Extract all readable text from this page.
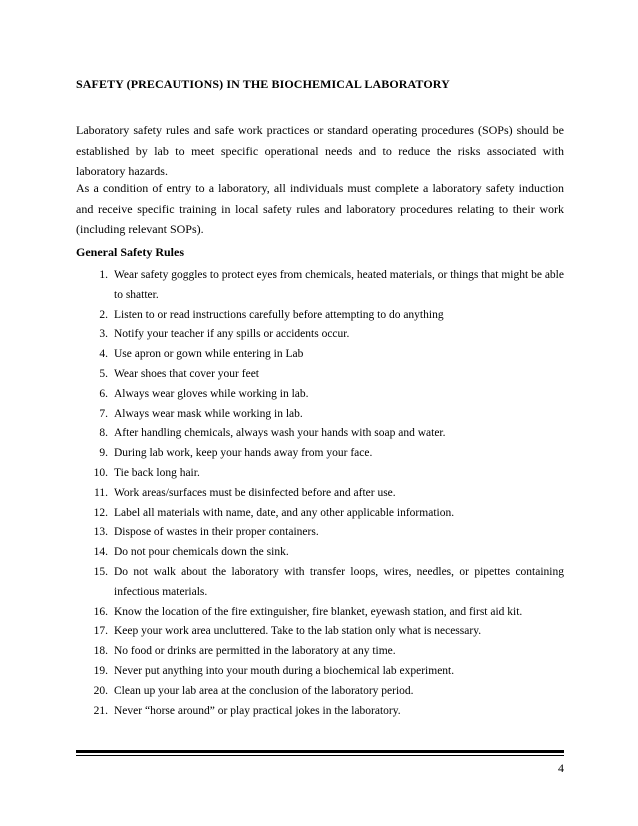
SAFETY (PRECAUTIONS) IN THE BIOCHEMICAL LABORATORY
Laboratory safety rules and safe work practices or standard operating procedures (SOPs) should be established by lab to meet specific operational needs and to reduce the risks associated with laboratory hazards.
As a condition of entry to a laboratory, all individuals must complete a laboratory safety induction and receive specific training in local safety rules and laboratory procedures relating to their work (including relevant SOPs).
General Safety Rules
1. Wear safety goggles to protect eyes from chemicals, heated materials, or things that might be able to shatter.
2. Listen to or read instructions carefully before attempting to do anything
3. Notify your teacher if any spills or accidents occur.
4. Use apron or gown while entering in Lab
5. Wear shoes that cover your feet
6. Always wear gloves while working in lab.
7. Always wear mask while working in lab.
8. After handling chemicals, always wash your hands with soap and water.
9. During lab work, keep your hands away from your face.
10. Tie back long hair.
11. Work areas/surfaces must be disinfected before and after use.
12. Label all materials with name, date, and any other applicable information.
13. Dispose of wastes in their proper containers.
14. Do not pour chemicals down the sink.
15. Do not walk about the laboratory with transfer loops, wires, needles, or pipettes containing infectious materials.
16. Know the location of the fire extinguisher, fire blanket, eyewash station, and first aid kit.
17. Keep your work area uncluttered. Take to the lab station only what is necessary.
18. No food or drinks are permitted in the laboratory at any time.
19. Never put anything into your mouth during a biochemical lab experiment.
20. Clean up your lab area at the conclusion of the laboratory period.
21. Never “horse around” or play practical jokes in the laboratory.
4
